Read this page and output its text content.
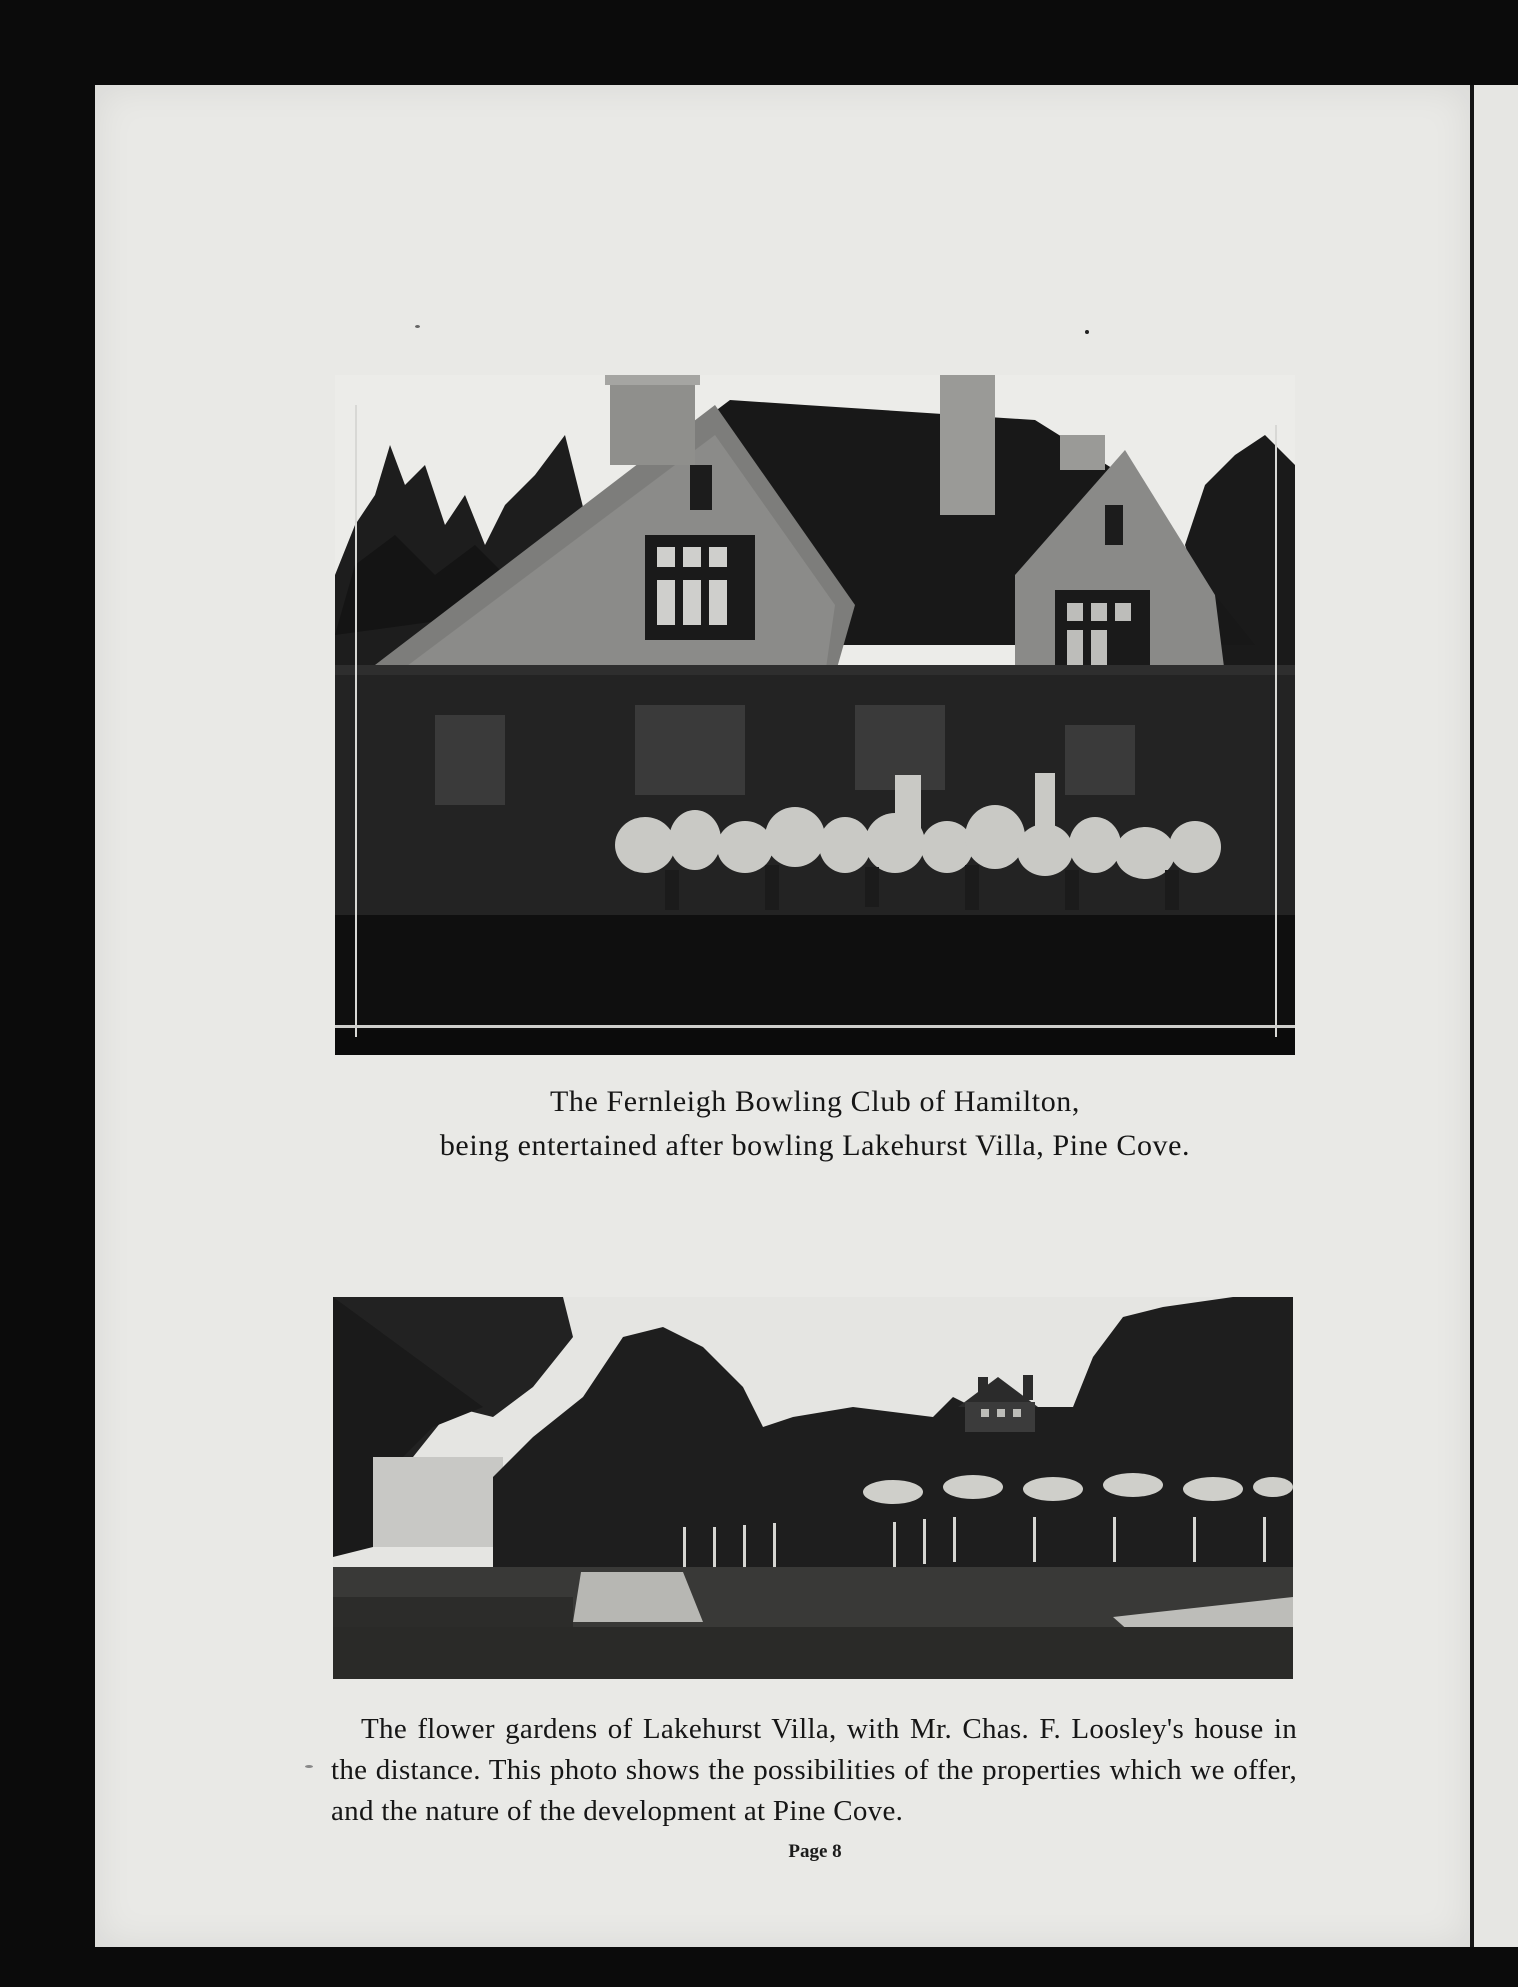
The Fernleigh Bowling Club of Hamilton,
being entertained after bowling Lakehurst Villa, Pine Cove.
The flower gardens of Lakehurst Villa, with Mr. Chas. F. Loosley's house in the distance. This photo shows the possibilities of the properties which we offer, and the nature of the development at Pine Cove.
Page 8
